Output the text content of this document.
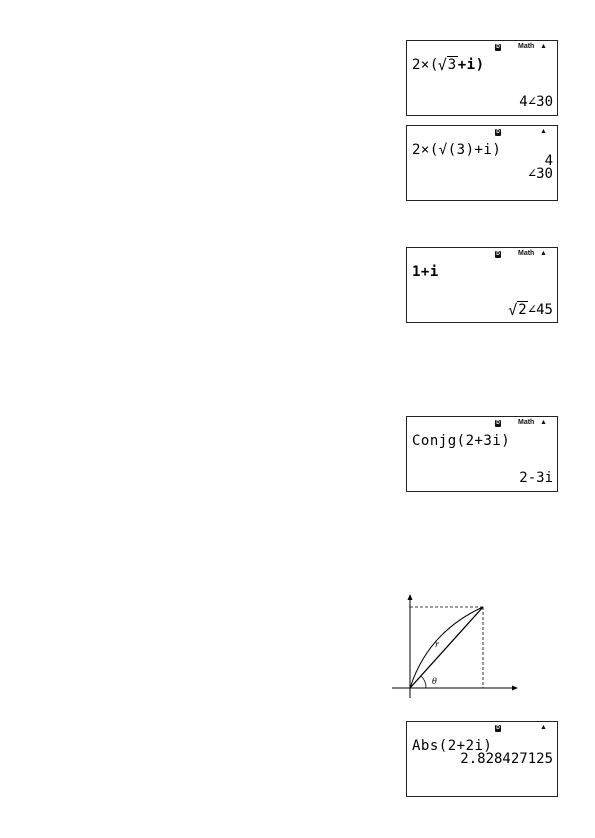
D	Math ▲
2×(√ 3+i)
4∠30
D	▲
2×(√(3)+i)
4
∠30
D	Math ▲
1+i
√ 2∠45
D	Math ▲
Conjg(2+3i)
2-3i
r
θ
D	▲
Abs(2+2i)
2.828427125
